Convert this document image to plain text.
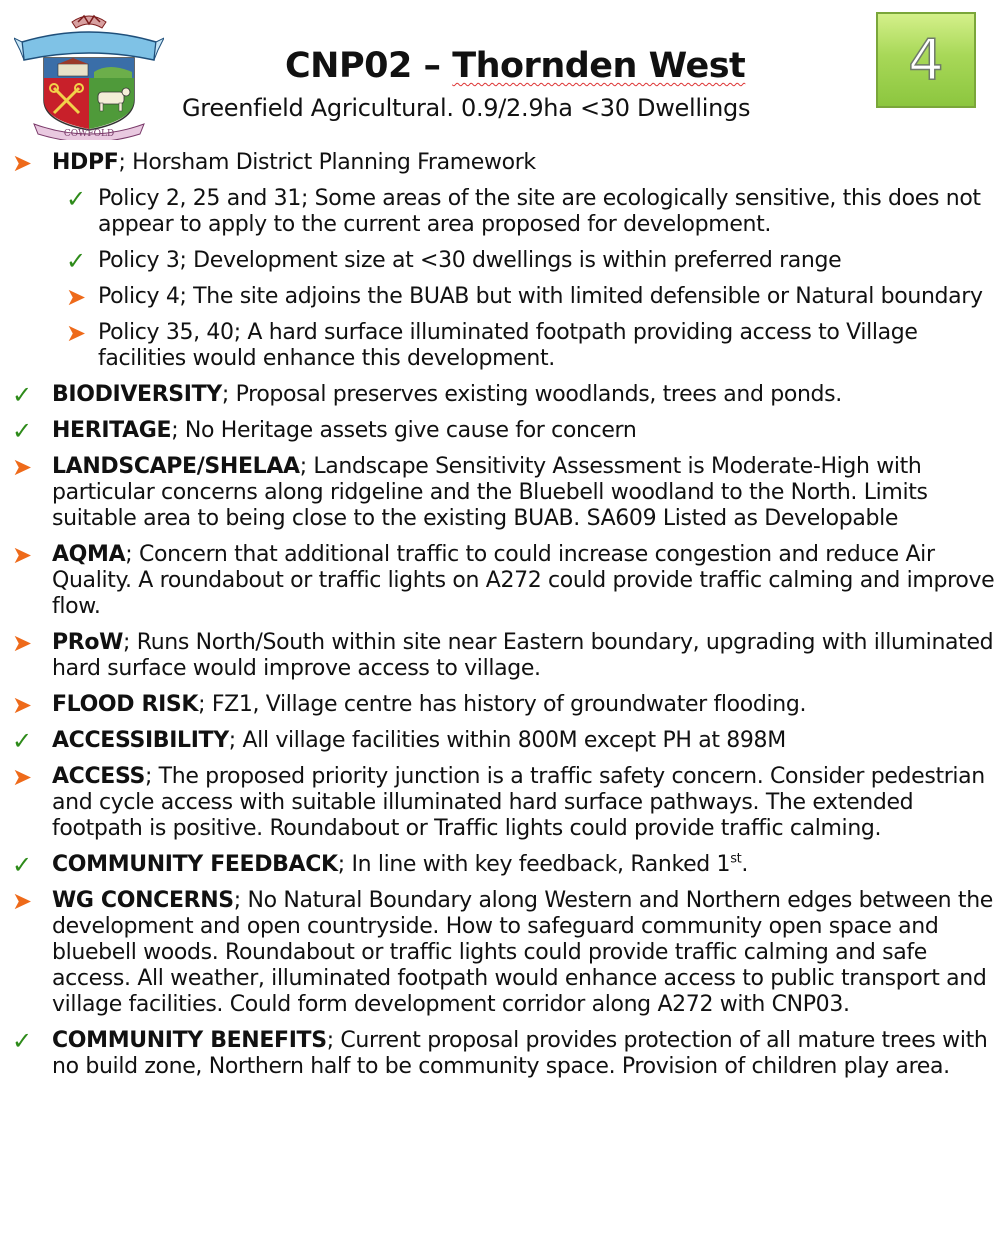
COWFOLD
CNP02 – Thornden West

Greenfield Agricultural. 0.9/2.9ha <30 Dwellings

4
➤ HDPF; Horsham District Planning Framework
✓ Policy 2, 25 and 31; Some areas of the site are ecologically sensitive, this does not appear to apply to the current area proposed for development.
✓ Policy 3; Development size at <30 dwellings is within preferred range
➤ Policy 4; The site adjoins the BUAB but with limited defensible or Natural boundary
➤ Policy 35, 40; A hard surface illuminated footpath providing access to Village facilities would enhance this development.
✓ BIODIVERSITY; Proposal preserves existing woodlands, trees and ponds.
✓ HERITAGE; No Heritage assets give cause for concern
➤ LANDSCAPE/SHELAA; Landscape Sensitivity Assessment is Moderate-High with particular concerns along ridgeline and the Bluebell woodland to the North. Limits suitable area to being close to the existing BUAB. SA609 Listed as Developable
➤ AQMA; Concern that additional traffic to could increase congestion and reduce Air Quality. A roundabout or traffic lights on A272 could provide traffic calming and improve flow.
➤ PRoW; Runs North/South within site near Eastern boundary, upgrading with illuminated hard surface would improve access to village.
➤ FLOOD RISK; FZ1, Village centre has history of groundwater flooding.
✓ ACCESSIBILITY; All village facilities within 800M except PH at 898M
➤ ACCESS; The proposed priority junction is a traffic safety concern. Consider pedestrian and cycle access with suitable illuminated hard surface pathways. The extended footpath is positive. Roundabout or Traffic lights could provide traffic calming.
✓ COMMUNITY FEEDBACK; In line with key feedback, Ranked 1st.
➤ WG CONCERNS; No Natural Boundary along Western and Northern edges between the development and open countryside. How to safeguard community open space and bluebell woods. Roundabout or traffic lights could provide traffic calming and safe access. All weather, illuminated footpath would enhance access to public transport and village facilities. Could form development corridor along A272 with CNP03.
✓ COMMUNITY BENEFITS; Current proposal provides protection of all mature trees with no build zone, Northern half to be community space. Provision of children play area.
